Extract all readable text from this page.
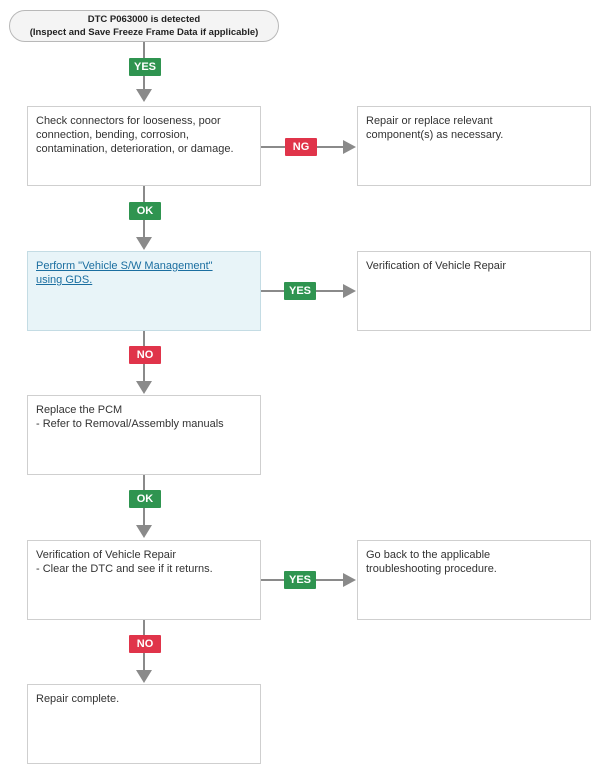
DTC P063000 is detected
(Inspect and Save Freeze Frame Data if applicable)
YES
Check connectors for looseness, poor
connection, bending, corrosion,
contamination, deterioration, or damage.	NG
Repair or replace relevant
component(s) as necessary.
OK
Perform "Vehicle S/W Management"
using GDS.
YES
Verification of Vehicle Repair
NO
Replace the PCM
- Refer to Removal/Assembly manuals
OK
Verification of Vehicle Repair
- Clear the DTC and see if it returns.
YES
Go back to the applicable
troubleshooting procedure.
NO
Repair complete.
